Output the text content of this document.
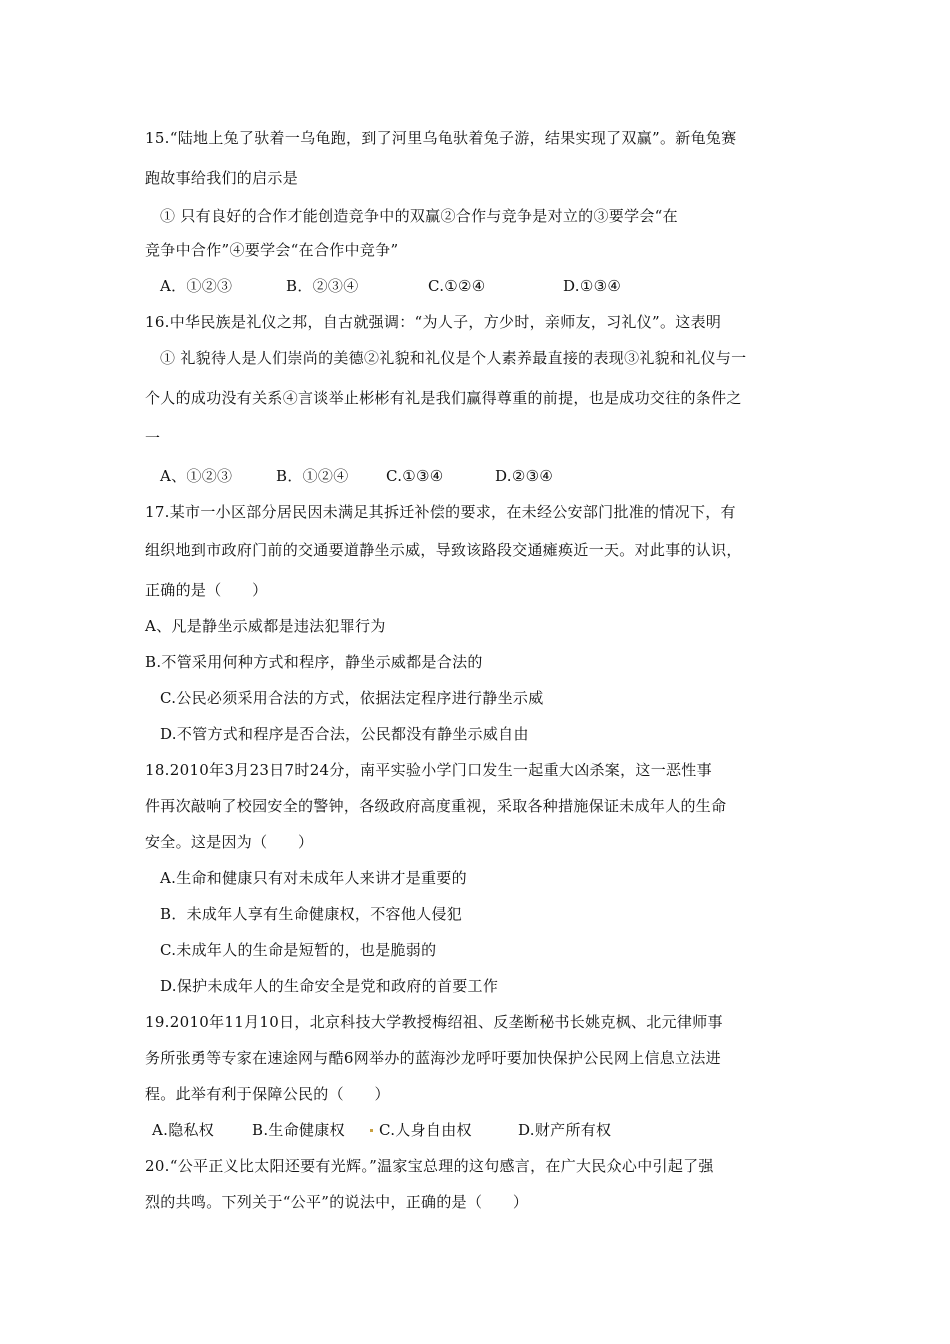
15.“陆地上兔了驮着一乌龟跑，到了河里乌龟驮着兔子游，结果实现了双赢”。新龟兔赛
跑故事给我们的启示是
① 只有良好的合作才能创造竞争中的双赢②合作与竞争是对立的③要学会“在
竞争中合作”④要学会“在合作中竞争”
A．①②③	B．②③④	C.①②④	D.①③④
16.中华民族是礼仪之邦，自古就强调：“为人子，方少时，亲师友，习礼仪”。这表明
① 礼貌待人是人们崇尚的美德②礼貌和礼仪是个人素养最直接的表现③礼貌和礼仪与一
个人的成功没有关系④言谈举止彬彬有礼是我们赢得尊重的前提，也是成功交往的条件之
一
A、①②③	B．①②④ C.①③④	D.②③④
17.某市一小区部分居民因未满足其拆迁补偿的要求，在未经公安部门批准的情况下，有
组织地到市政府门前的交通要道静坐示威，导致该路段交通瘫痪近一天。对此事的认识，
正确的是（　　）
A、凡是静坐示威都是违法犯罪行为
B.不管采用何种方式和程序，静坐示威都是合法的
C.公民必须采用合法的方式，依据法定程序进行静坐示威
D.不管方式和程序是否合法，公民都没有静坐示威自由
18.2010年3月23日7时24分，南平实验小学门口发生一起重大凶杀案，这一恶性事
件再次敲响了校园安全的警钟，各级政府高度重视，采取各种措施保证未成年人的生命
安全。这是因为（　　）
A.生命和健康只有对未成年人来讲才是重要的
B．未成年人享有生命健康权，不容他人侵犯
C.未成年人的生命是短暂的，也是脆弱的
D.保护未成年人的生命安全是党和政府的首要工作
19.2010年11月10日，北京科技大学教授梅绍祖、反垄断秘书长姚克枫、北元律师事
务所张勇等专家在速途网与酷6网举办的蓝海沙龙呼吁要加快保护公民网上信息立法进
程。此举有利于保障公民的（　　）
A.隐私权	B.生命健康权 C.人身自由权	D.财产所有权
20.“公平正义比太阳还要有光辉。”温家宝总理的这句感言，在广大民众心中引起了强
烈的共鸣。下列关于“公平”的说法中，正确的是（　　）
